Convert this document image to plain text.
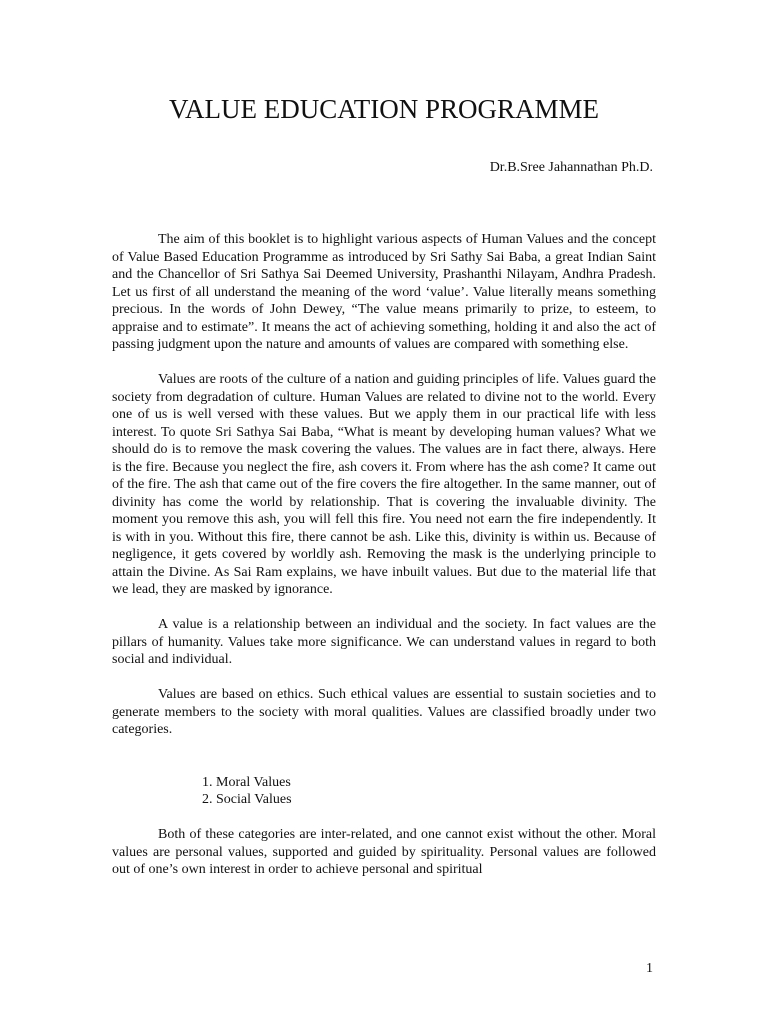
VALUE EDUCATION PROGRAMME
Dr.B.Sree Jahannathan Ph.D.

The aim of this booklet is to highlight various aspects of Human Values and the concept of Value Based Education Programme as introduced by Sri Sathy Sai Baba, a great Indian Saint and the Chancellor of Sri Sathya Sai Deemed University, Prashanthi Nilayam, Andhra Pradesh. Let us first of all understand the meaning of the word ‘value’. Value literally means something precious. In the words of John Dewey, “The value means primarily to prize, to esteem, to appraise and to estimate”. It means the act of achieving something, holding it and also the act of passing judgment upon the nature and amounts of values are compared with something else.

Values are roots of the culture of a nation and guiding principles of life. Values guard the society from degradation of culture. Human Values are related to divine not to the world. Every one of us is well versed with these values. But we apply them in our practical life with less interest. To quote Sri Sathya Sai Baba, “What is meant by developing human values? What we should do is to remove the mask covering the values. The values are in fact there, always. Here is the fire. Because you neglect the fire, ash covers it. From where has the ash come? It came out of the fire. The ash that came out of the fire covers the fire altogether. In the same manner, out of divinity has come the world by relationship. That is covering the invaluable divinity. The moment you remove this ash, you will fell this fire. You need not earn the fire independently. It is with in you. Without this fire, there cannot be ash. Like this, divinity is within us. Because of negligence, it gets covered by worldly ash. Removing the mask is the underlying principle to attain the Divine. As Sai Ram explains, we have inbuilt values. But due to the material life that we lead, they are masked by ignorance.

A value is a relationship between an individual and the society. In fact values are the pillars of humanity. Values take more significance. We can understand values in regard to both social and individual.

Values are based on ethics. Such ethical values are essential to sustain societies and to generate members to the society with moral qualities. Values are classified broadly under two categories.

1. Moral Values
2. Social Values

Both of these categories are inter-related, and one cannot exist without the other. Moral values are personal values, supported and guided by spirituality. Personal values are followed out of one’s own interest in order to achieve personal and spiritual

1
